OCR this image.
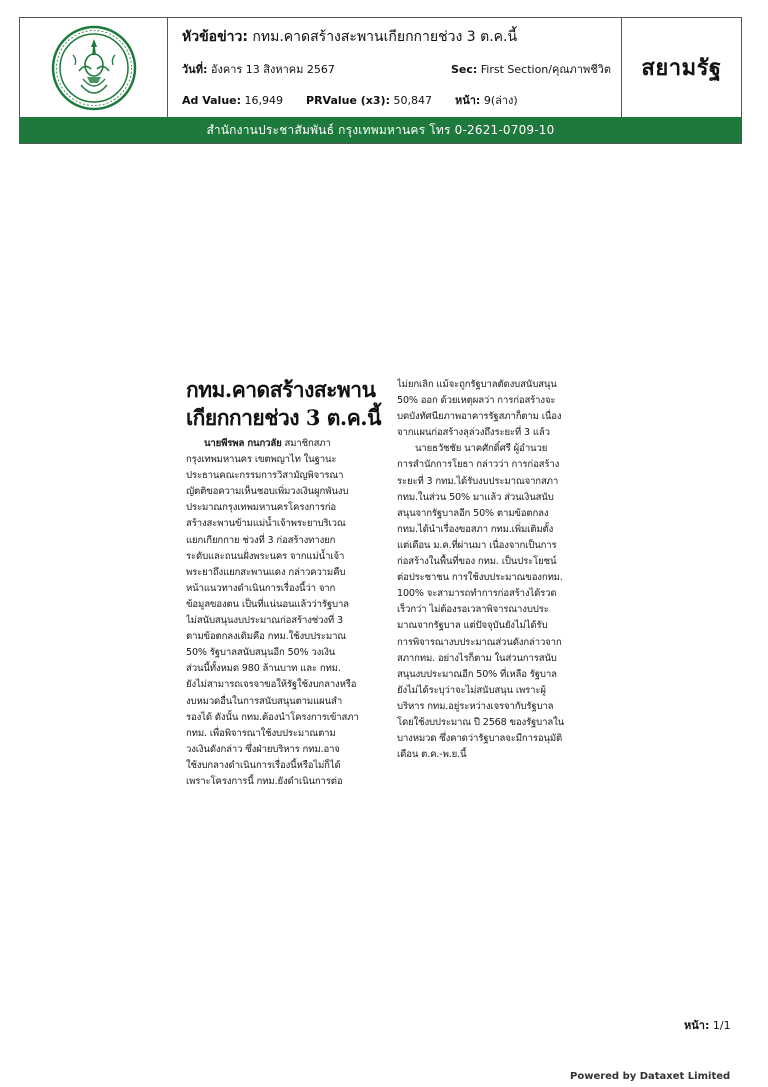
หัวข้อข่าว: กทม.คาดสร้างสะพานเกียกกายช่วง 3 ต.ค.นี้
วันที่: อังคาร 13 สิงหาคม 2567	Sec: First Section/คุณภาพชีวิต
Ad Value: 16,949 PRValue (x3): 50,847 หน้า: 9(ล่าง)
สยามรัฐ
สำนักงานประชาสัมพันธ์ กรุงเทพมหานคร โทร 0-2621-0709-10
กทม.คาดสร้างสะพาน
เกียกกายช่วง 3 ต.ค.นี้
นายพีรพล กนกวลัย สมาชิกสภา
กรุงเทพมหานคร เขตพญาไท ในฐานะ
ประธานคณะกรรมการวิสามัญพิจารณา
ญัตติขอความเห็นชอบเพิ่มวงเงินผูกพันงบ
ประมาณกรุงเทพมหานครโครงการก่อ
สร้างสะพานข้ามแม่น้ำเจ้าพระยาบริเวณ
แยกเกียกกาย ช่วงที่ 3 ก่อสร้างทางยก
ระดับและถนนฝั่งพระนคร จากแม่น้ำเจ้า
พระยาถึงแยกสะพานแดง กล่าวความคืบ
หน้าแนวทางดำเนินการเรื่องนี้ว่า จาก
ข้อมูลของตน เป็นที่แน่นอนแล้วว่ารัฐบาล
ไม่สนับสนุนงบประมาณก่อสร้างช่วงที่ 3
ตามข้อตกลงเดิมคือ กทม.ใช้งบประมาณ
50% รัฐบาลสนับสนุนอีก 50% วงเงิน
ส่วนนี้ทั้งหมด 980 ล้านบาท และ กทม.
ยังไม่สามารถเจรจาขอให้รัฐใช้งบกลางหรือ
งบหมวดอื่นในการสนับสนุนตามแผนสำ
รองได้ ดังนั้น กทม.ต้องนำโครงการเข้าสภา
กทม. เพื่อพิจารณาใช้งบประมาณตาม
วงเงินดังกล่าว ซึ่งฝ่ายบริหาร กทม.อาจ
ใช้งบกลางดำเนินการเรื่องนี้หรือไม่ก็ได้
เพราะโครงการนี้ กทม.ยังดำเนินการต่อ
ไม่ยกเลิก แม้จะถูกรัฐบาลตัดงบสนับสนุน
50% ออก ด้วยเหตุผลว่า การก่อสร้างจะ
บดบังทัศนียภาพอาคารรัฐสภาก็ตาม เนื่อง
จากแผนก่อสร้างลุล่วงถึงระยะที่ 3 แล้ว
นายธวัชชัย นาคศักดิ์ศรี ผู้อำนวย
การสำนักการโยธา กล่าวว่า การก่อสร้าง
ระยะที่ 3 กทม.ได้รับงบประมาณจากสภา
กทม.ในส่วน 50% มาแล้ว ส่วนเงินสนับ
สนุนจากรัฐบาลอีก 50% ตามข้อตกลง
กทม.ได้นำเรื่องขอสภา กทม.เพิ่มเติมตั้ง
แต่เดือน ม.ค.ที่ผ่านมา เนื่องจากเป็นการ
ก่อสร้างในพื้นที่ของ กทม. เป็นประโยชน์
ต่อประชาชน การใช้งบประมาณของกทม.
100% จะสามารถทำการก่อสร้างได้รวด
เร็วกว่า ไม่ต้องรอเวลาพิจารณางบประ
มาณจากรัฐบาล แต่ปัจจุบันยังไม่ได้รับ
การพิจารณางบประมาณส่วนดังกล่าวจาก
สภากทม. อย่างไรก็ตาม ในส่วนการสนับ
สนุนงบประมาณอีก 50% ที่เหลือ รัฐบาล
ยังไม่ได้ระบุว่าจะไม่สนับสนุน เพราะผู้
บริหาร กทม.อยู่ระหว่างเจรจากับรัฐบาล
โดยใช้งบประมาณ ปี 2568 ของรัฐบาลใน
บางหมวด ซึ่งคาดว่ารัฐบาลจะมีการอนุมัติ
เดือน ต.ค.-พ.ย.นี้
หน้า: 1/1
Powered by Dataxet Limited
